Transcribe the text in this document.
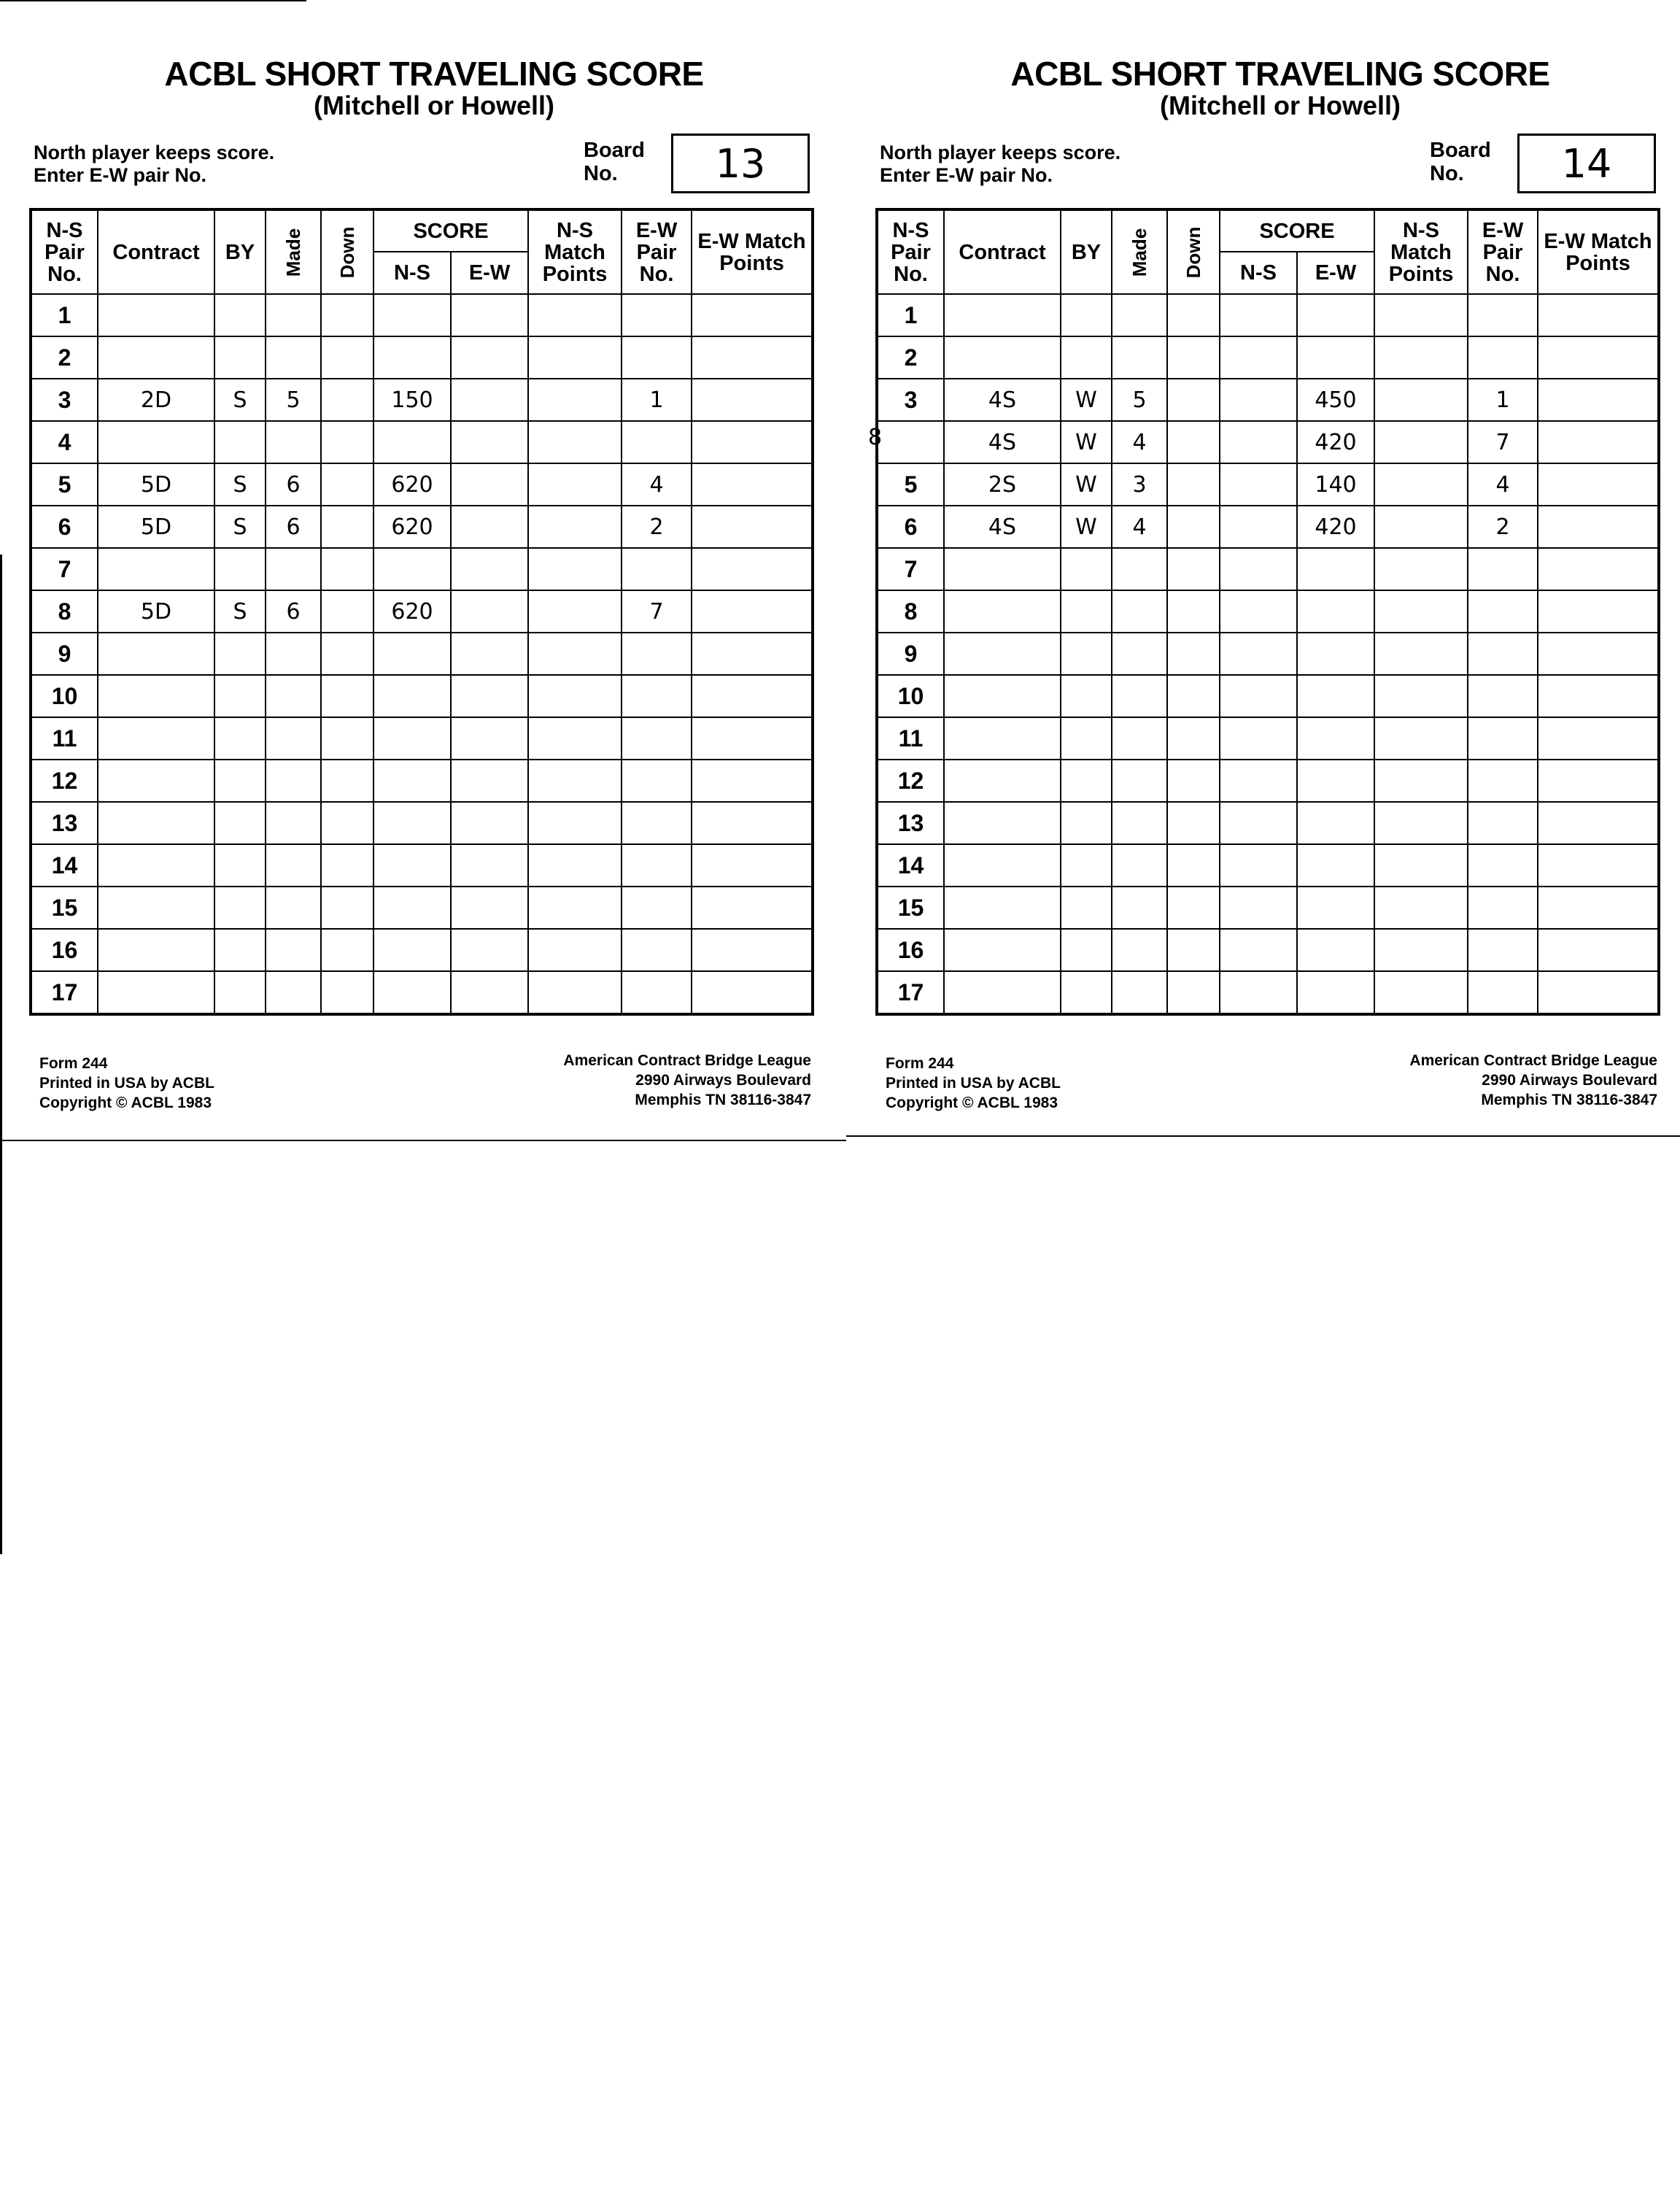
ACBL SHORT TRAVELING SCORE
(Mitchell or Howell)
North player keeps score.
Enter E-W pair No.
Board
No.	13
N-S Pair No.	Contract	BY	Made	Down	SCORE		N-S Match Points	E-W Pair No.	E-W Match Points
					N-S	E-W			
1									
2									
3	2D	S	5		150			1	
4									
5	5D	S	6		620			4	
6	5D	S	6		620			2	
7									
8	5D	S	6		620			7	
9									
10									
11									
12									
13									
14									
15									
16									
17									
Form 244
Printed in USA by ACBL
Copyright © ACBL 1983
American Contract Bridge League
2990 Airways Boulevard
Memphis TN 38116-3847
ACBL SHORT TRAVELING SCORE
(Mitchell or Howell)
North player keeps score.
Enter E-W pair No.
Board
No.	14
N-S Pair No.	Contract	BY	Made	Down	SCORE		N-S Match Points	E-W Pair No.	E-W Match Points
					N-S	E-W			
1									
2									
3	4S	W	5			450		1	
	4S	W	4			420		7	
5	2S	W	3			140		4	
6	4S	W	4			420		2	
7									
8									
9									
10									
11									
12									
13									
14									
15									
16									
17									
8
Form 244
Printed in USA by ACBL
Copyright © ACBL 1983
American Contract Bridge League
2990 Airways Boulevard
Memphis TN 38116-3847
